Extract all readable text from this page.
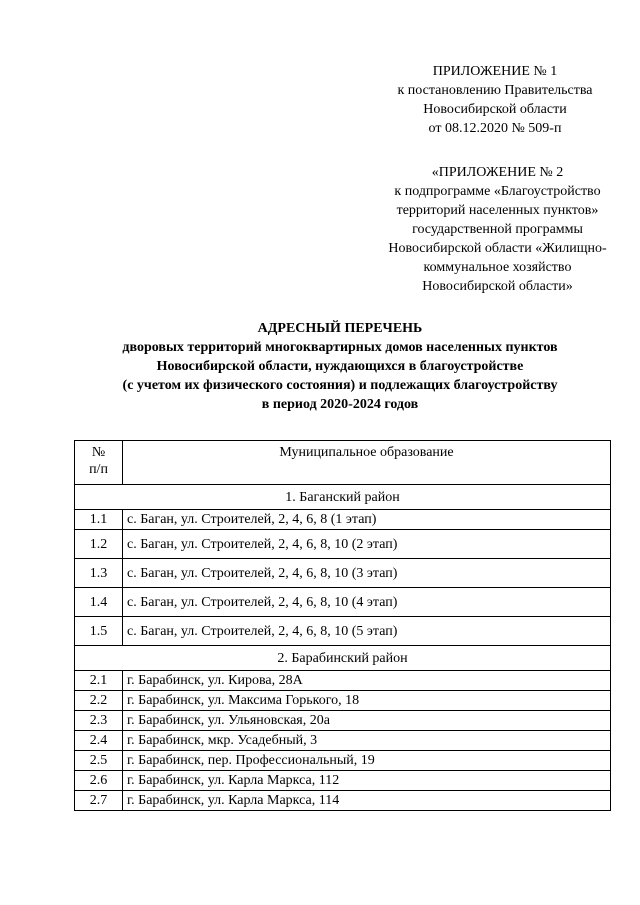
ПРИЛОЖЕНИЕ № 1
к постановлению Правительства
Новосибирской области
от 08.12.2020 № 509-п
«ПРИЛОЖЕНИЕ № 2
к подпрограмме «Благоустройство
территорий населенных пунктов»
государственной программы
Новосибирской области «Жилищно-
коммунальное хозяйство
Новосибирской области»
АДРЕСНЫЙ ПЕРЕЧЕНЬ
дворовых территорий многоквартирных домов населенных пунктов
Новосибирской области, нуждающихся в благоустройстве
(с учетом их физического состояния) и подлежащих благоустройству
в период 2020-2024 годов
№
п/п	Муниципальное образование
1. Баганский район	
1.1	с. Баган, ул. Строителей, 2, 4, 6, 8 (1 этап)
1.2	с. Баган, ул. Строителей, 2, 4, 6, 8, 10 (2 этап)
1.3	с. Баган, ул. Строителей, 2, 4, 6, 8, 10 (3 этап)
1.4	с. Баган, ул. Строителей, 2, 4, 6, 8, 10 (4 этап)
1.5	с. Баган, ул. Строителей, 2, 4, 6, 8, 10 (5 этап)
2. Барабинский район	
2.1	г. Барабинск, ул. Кирова, 28А
2.2	г. Барабинск, ул. Максима Горького, 18
2.3	г. Барабинск, ул. Ульяновская, 20а
2.4	г. Барабинск, мкр. Усадебный, 3
2.5	г. Барабинск, пер. Профессиональный, 19
2.6	г. Барабинск, ул. Карла Маркса, 112
2.7	г. Барабинск, ул. Карла Маркса, 114
